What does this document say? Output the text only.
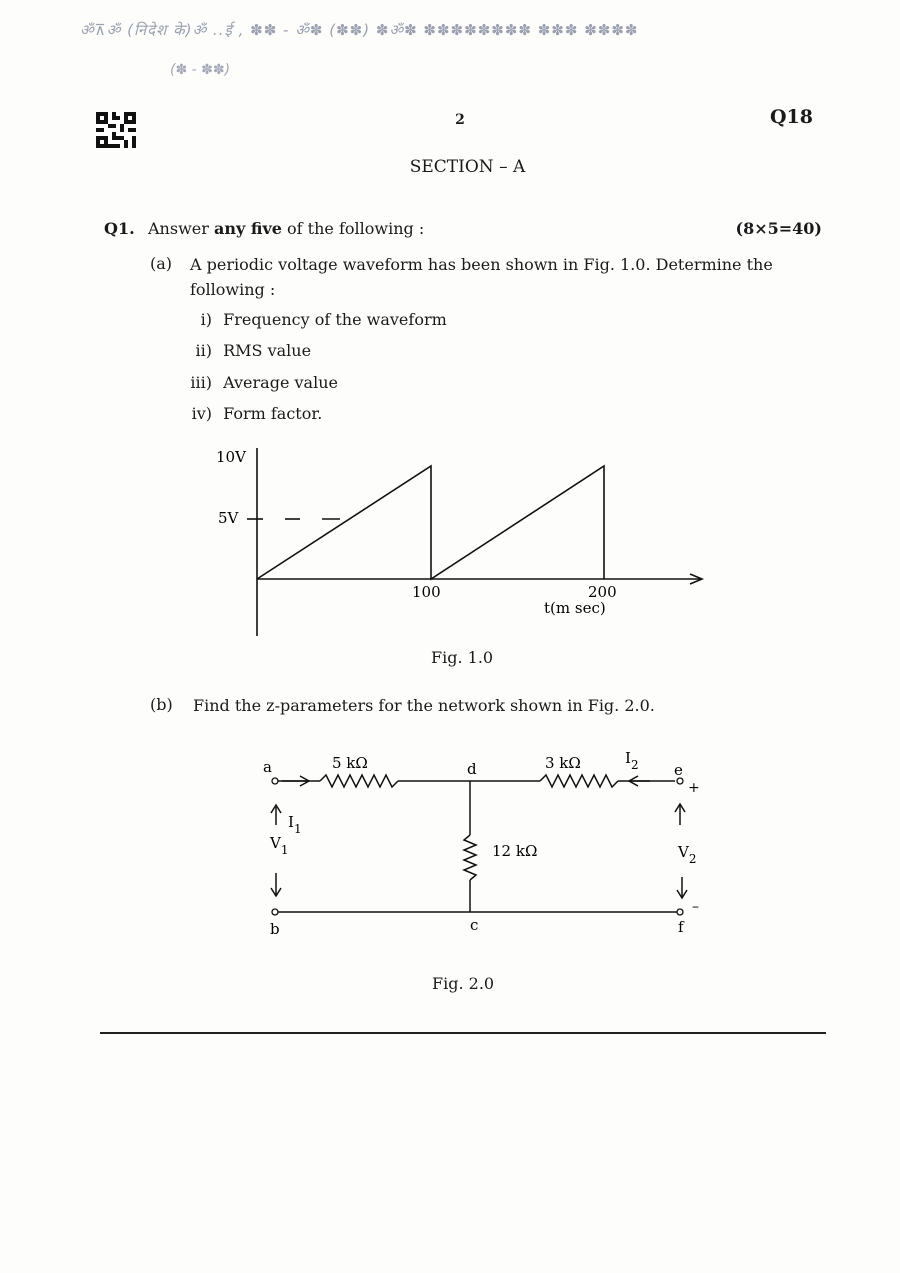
ॐ⊼ॐ (निदेश के)ॐ ..ई , ✽✽ - ॐ✽ (✽✽) ✽ॐ✽ ✽✽✽✽✽✽✽✽ ✽✽✽ ✽✽✽✽
(✽ - ✽✽)
2	Q18
SECTION – A
Q1. Answer any five of the following :	(8×5=40)
(a) A periodic voltage waveform has been shown in Fig. 1.0. Determine the
following :
i) Frequency of the waveform
ii) RMS value
iii) Average value
iv) Form factor.
10V
5V
100	200
t(m sec)
Fig. 1.0
(b) Find the z-parameters for the network shown in Fig. 2.0.
a
b	c
d	e
f
5 kΩ	3 kΩ
12 kΩ
$I_1$
$I_2$
$V_1$	$V_2$
+
–
Fig. 2.0
